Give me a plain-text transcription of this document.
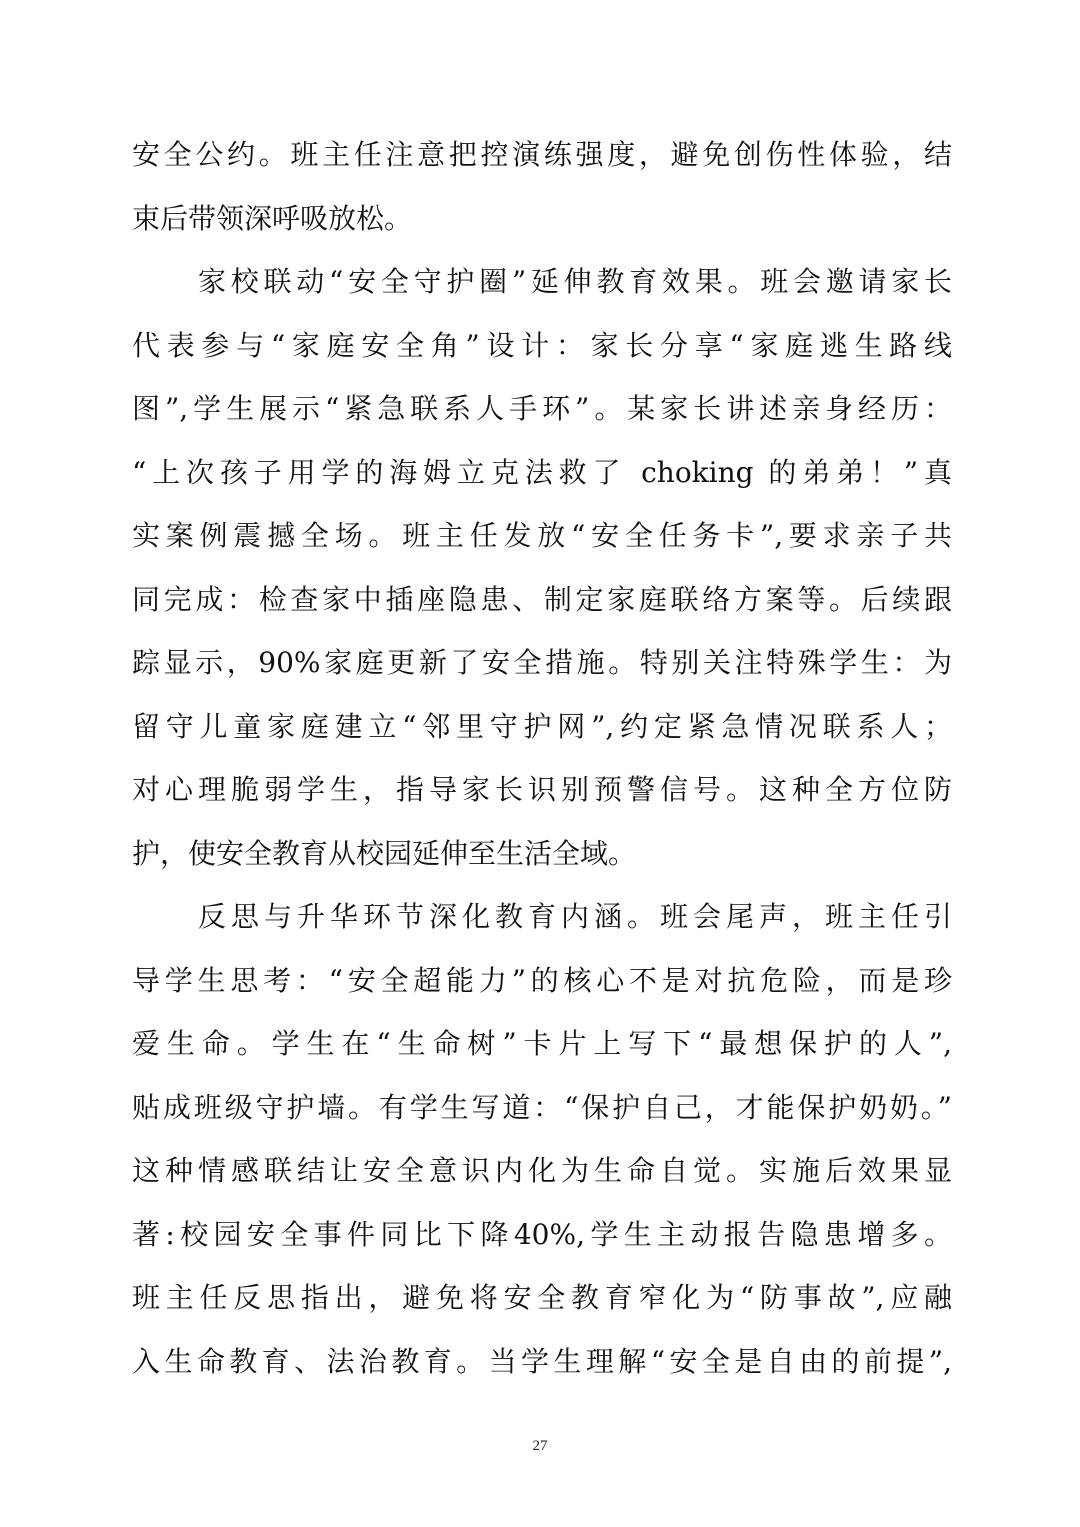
安全公约。班主任注意把控演练强度，避免创伤性体验，结
束后带领深呼吸放松。
家校联动“安全守护圈”延伸教育效果。班会邀请家长
代表参与“家庭安全角”设计：家长分享“家庭逃生路线
图”,学生展示“紧急联系人手环”。某家长讲述亲身经历：
“上次孩子用学的海姆立克法救了 choking 的弟弟！”真
实案例震撼全场。班主任发放“安全任务卡”,要求亲子共
同完成：检查家中插座隐患、制定家庭联络方案等。后续跟
踪显示，90%家庭更新了安全措施。特别关注特殊学生：为
留守儿童家庭建立“邻里守护网”,约定紧急情况联系人；
对心理脆弱学生，指导家长识别预警信号。这种全方位防
护，使安全教育从校园延伸至生活全域。
反思与升华环节深化教育内涵。班会尾声，班主任引
导学生思考：“安全超能力”的核心不是对抗危险，而是珍
爱生命。学生在“生命树”卡片上写下“最想保护的人”,
贴成班级守护墙。有学生写道：“保护自己，才能保护奶奶。”
这种情感联结让安全意识内化为生命自觉。实施后效果显
著:校园安全事件同比下降40%,学生主动报告隐患增多。
班主任反思指出，避免将安全教育窄化为“防事故”,应融
入生命教育、法治教育。当学生理解“安全是自由的前提”,
27
